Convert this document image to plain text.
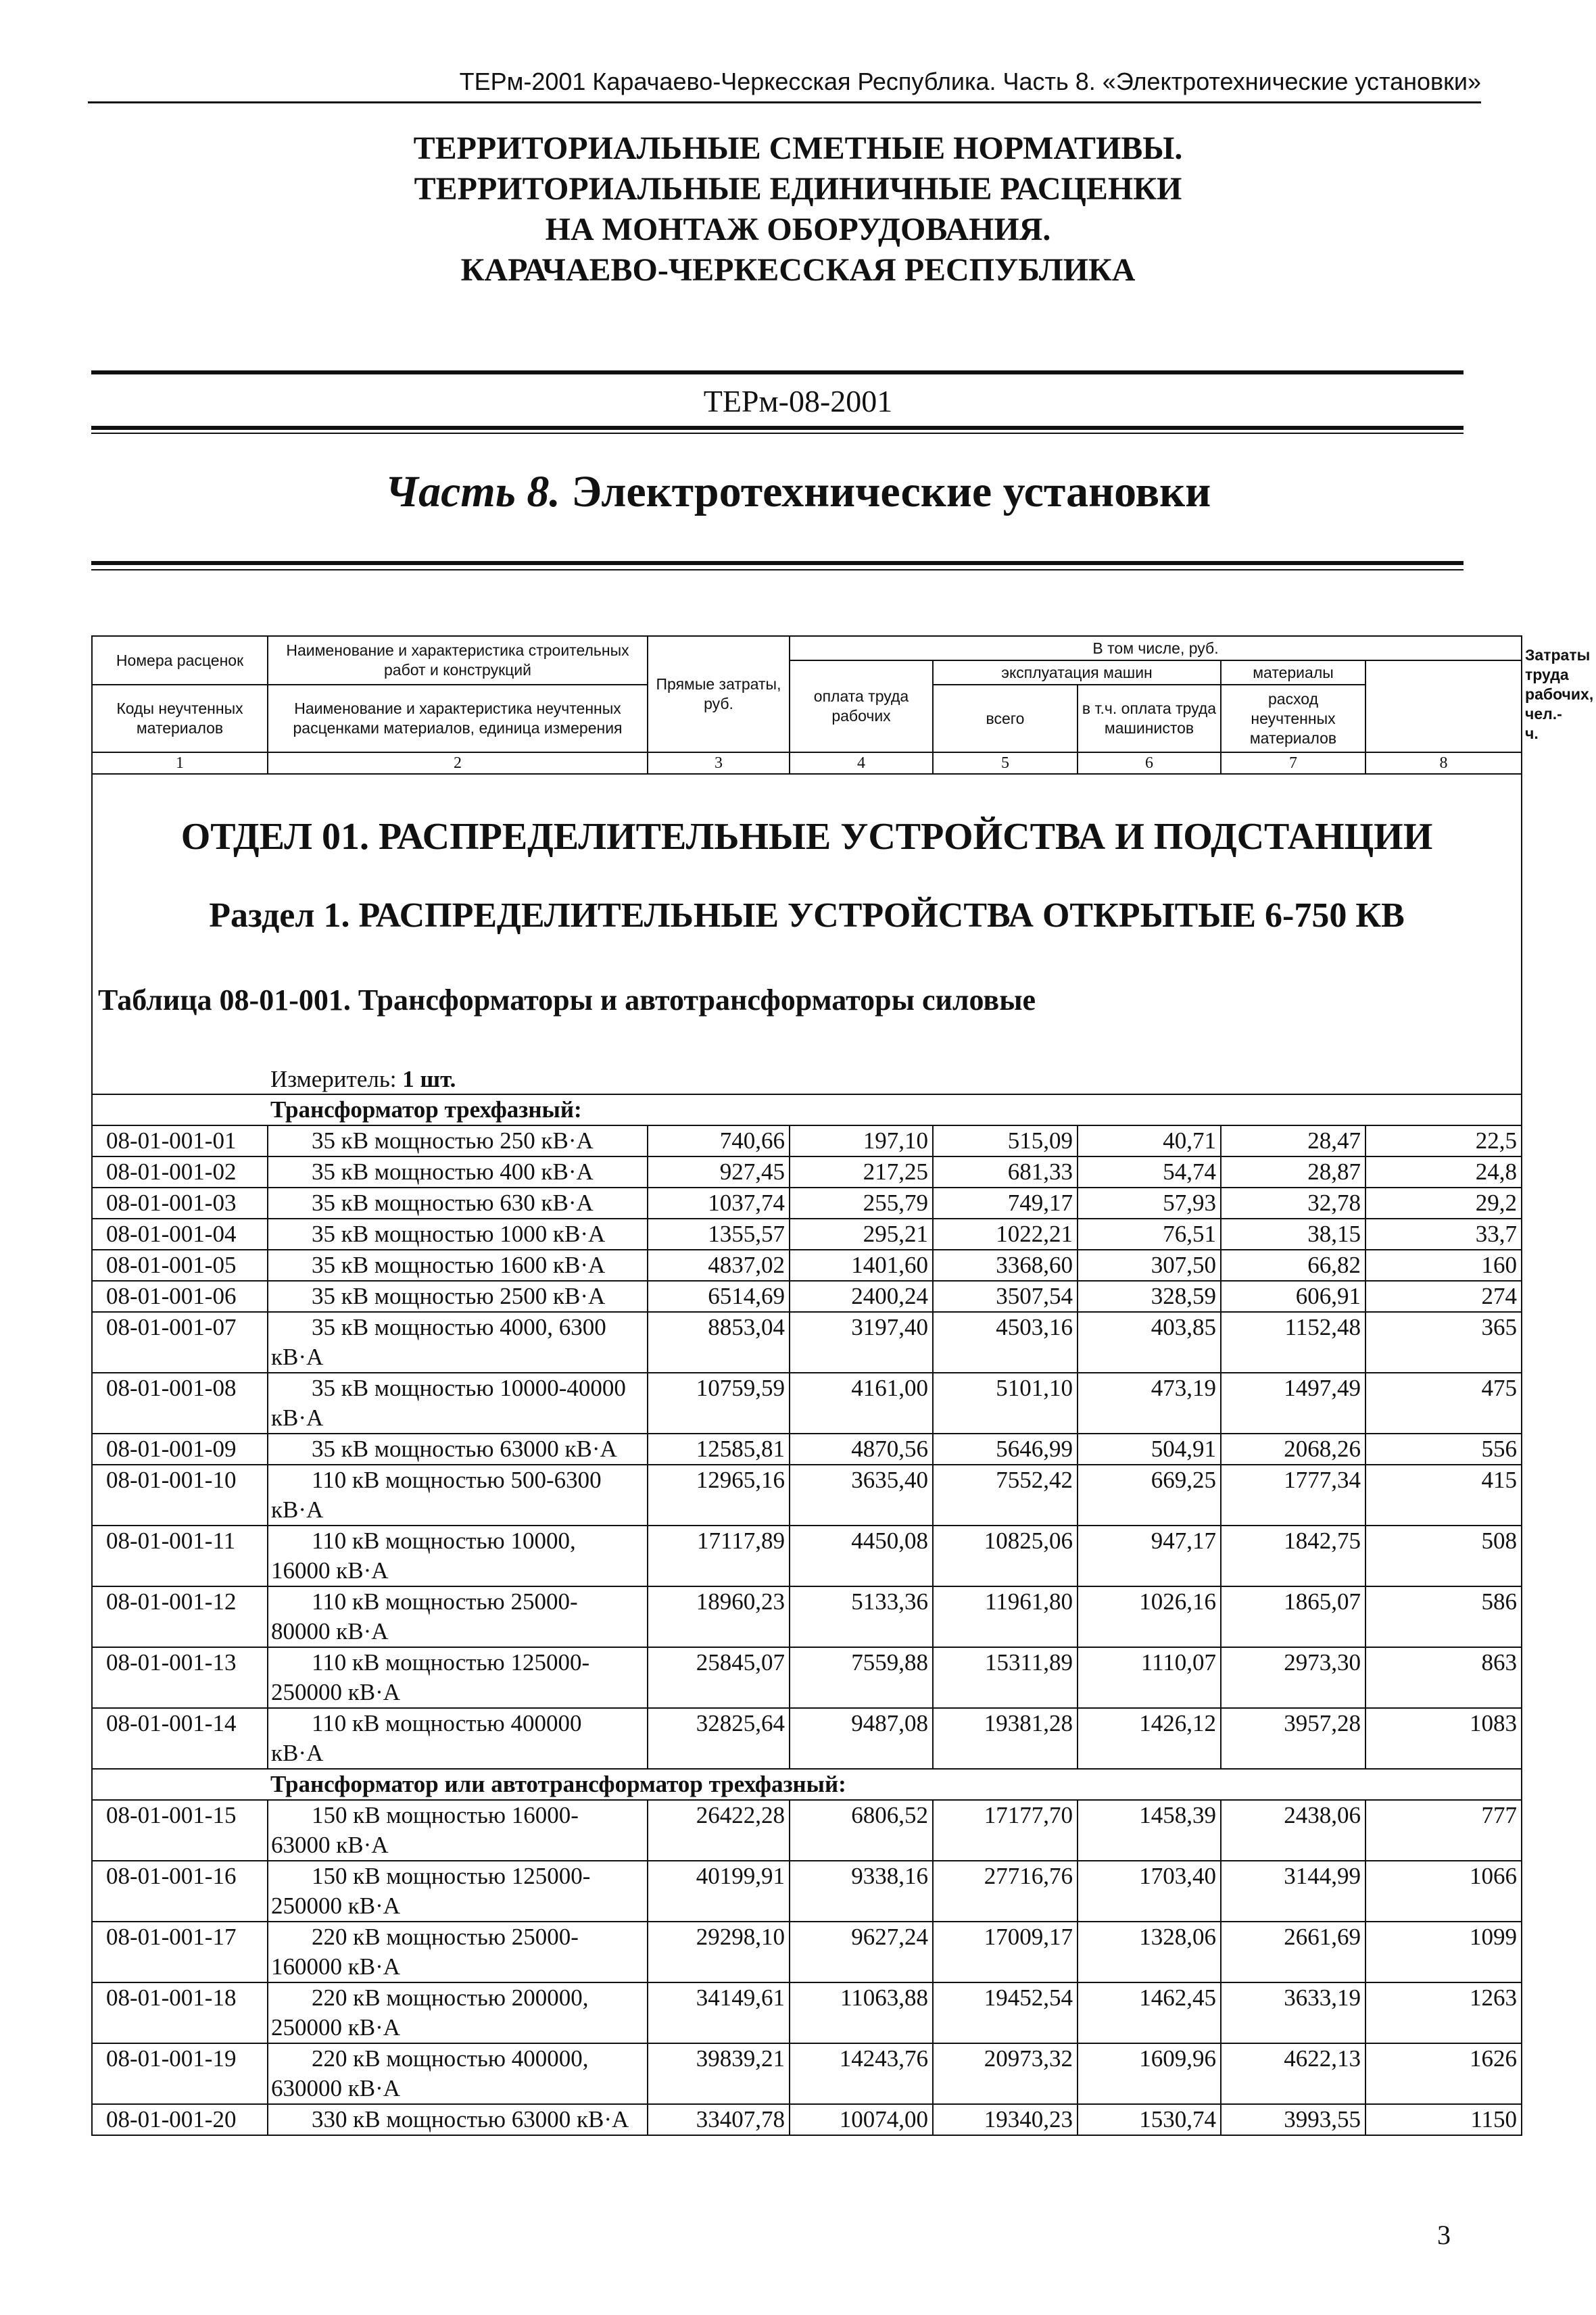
ТЕРм-2001 Карачаево-Черкесская Республика. Часть 8. «Электротехнические установки»
ТЕРРИТОРИАЛЬНЫЕ СМЕТНЫЕ НОРМАТИВЫ.
ТЕРРИТОРИАЛЬНЫЕ ЕДИНИЧНЫЕ РАСЦЕНКИ
НА МОНТАЖ ОБОРУДОВАНИЯ.
КАРАЧАЕВО-ЧЕРКЕССКАЯ РЕСПУБЛИКА
ТЕРм-08-2001
Часть 8. Электротехнические установки
Номера расценок	Наименование и характеристика строительных работ и конструкций	Прямые затраты, руб.	В том числе, руб.					Затраты труда рабочих, чел.-ч.
			оплата труда рабочих	эксплуатация машин		материалы		
Коды неучтенных материалов	Наименование и характеристика неучтенных расценками материалов, единица измерения			всего	в т.ч. оплата труда машинистов	расход неучтенных материалов		

1	2	3	4	5	6	7	8	

ОТДЕЛ 01. РАСПРЕДЕЛИТЕЛЬНЫЕ УСТРОЙСТВА И ПОДСТАНЦИИ
Раздел 1. РАСПРЕДЕЛИТЕЛЬНЫЕ УСТРОЙСТВА ОТКРЫТЫЕ 6-750 КВ
Таблица 08-01-001. Трансформаторы и автотрансформаторы силовые								

	Измеритель: 1 шт.							
	Трансформатор трехфазный:							
08-01-001-01	35 кВ мощностью 250 кВ·А	740,66	197,10	515,09	40,71	28,47	22,5	
08-01-001-02	35 кВ мощностью 400 кВ·А	927,45	217,25	681,33	54,74	28,87	24,8	
08-01-001-03	35 кВ мощностью 630 кВ·А	1037,74	255,79	749,17	57,93	32,78	29,2	
08-01-001-04	35 кВ мощностью 1000 кВ·А	1355,57	295,21	1022,21	76,51	38,15	33,7	
08-01-001-05	35 кВ мощностью 1600 кВ·А	4837,02	1401,60	3368,60	307,50	66,82	160	
08-01-001-06	35 кВ мощностью 2500 кВ·А	6514,69	2400,24	3507,54	328,59	606,91	274	
08-01-001-07	35 кВ мощностью 4000, 6300
кВ·А	8853,04	3197,40	4503,16	403,85	1152,48	365	
08-01-001-08	35 кВ мощностью 10000-40000
кВ·А	10759,59	4161,00	5101,10	473,19	1497,49	475	
08-01-001-09	35 кВ мощностью 63000 кВ·А	12585,81	4870,56	5646,99	504,91	2068,26	556	
08-01-001-10	110 кВ мощностью 500-6300
кВ·А	12965,16	3635,40	7552,42	669,25	1777,34	415	
08-01-001-11	110 кВ мощностью 10000,
16000 кВ·А	17117,89	4450,08	10825,06	947,17	1842,75	508	
08-01-001-12	110 кВ мощностью 25000-
80000 кВ·А	18960,23	5133,36	11961,80	1026,16	1865,07	586	
08-01-001-13	110 кВ мощностью 125000-
250000 кВ·А	25845,07	7559,88	15311,89	1110,07	2973,30	863	
08-01-001-14	110 кВ мощностью 400000
кВ·А	32825,64	9487,08	19381,28	1426,12	3957,28	1083	
	Трансформатор или автотрансформатор трехфазный:							
08-01-001-15	150 кВ мощностью 16000-
63000 кВ·А	26422,28	6806,52	17177,70	1458,39	2438,06	777	
08-01-001-16	150 кВ мощностью 125000-
250000 кВ·А	40199,91	9338,16	27716,76	1703,40	3144,99	1066	
08-01-001-17	220 кВ мощностью 25000-
160000 кВ·А	29298,10	9627,24	17009,17	1328,06	2661,69	1099	
08-01-001-18	220 кВ мощностью 200000,
250000 кВ·А	34149,61	11063,88	19452,54	1462,45	3633,19	1263	
08-01-001-19	220 кВ мощностью 400000,
630000 кВ·А	39839,21	14243,76	20973,32	1609,96	4622,13	1626	
08-01-001-20	330 кВ мощностью 63000 кВ·А	33407,78	10074,00	19340,23	1530,74	3993,55	1150	
3
